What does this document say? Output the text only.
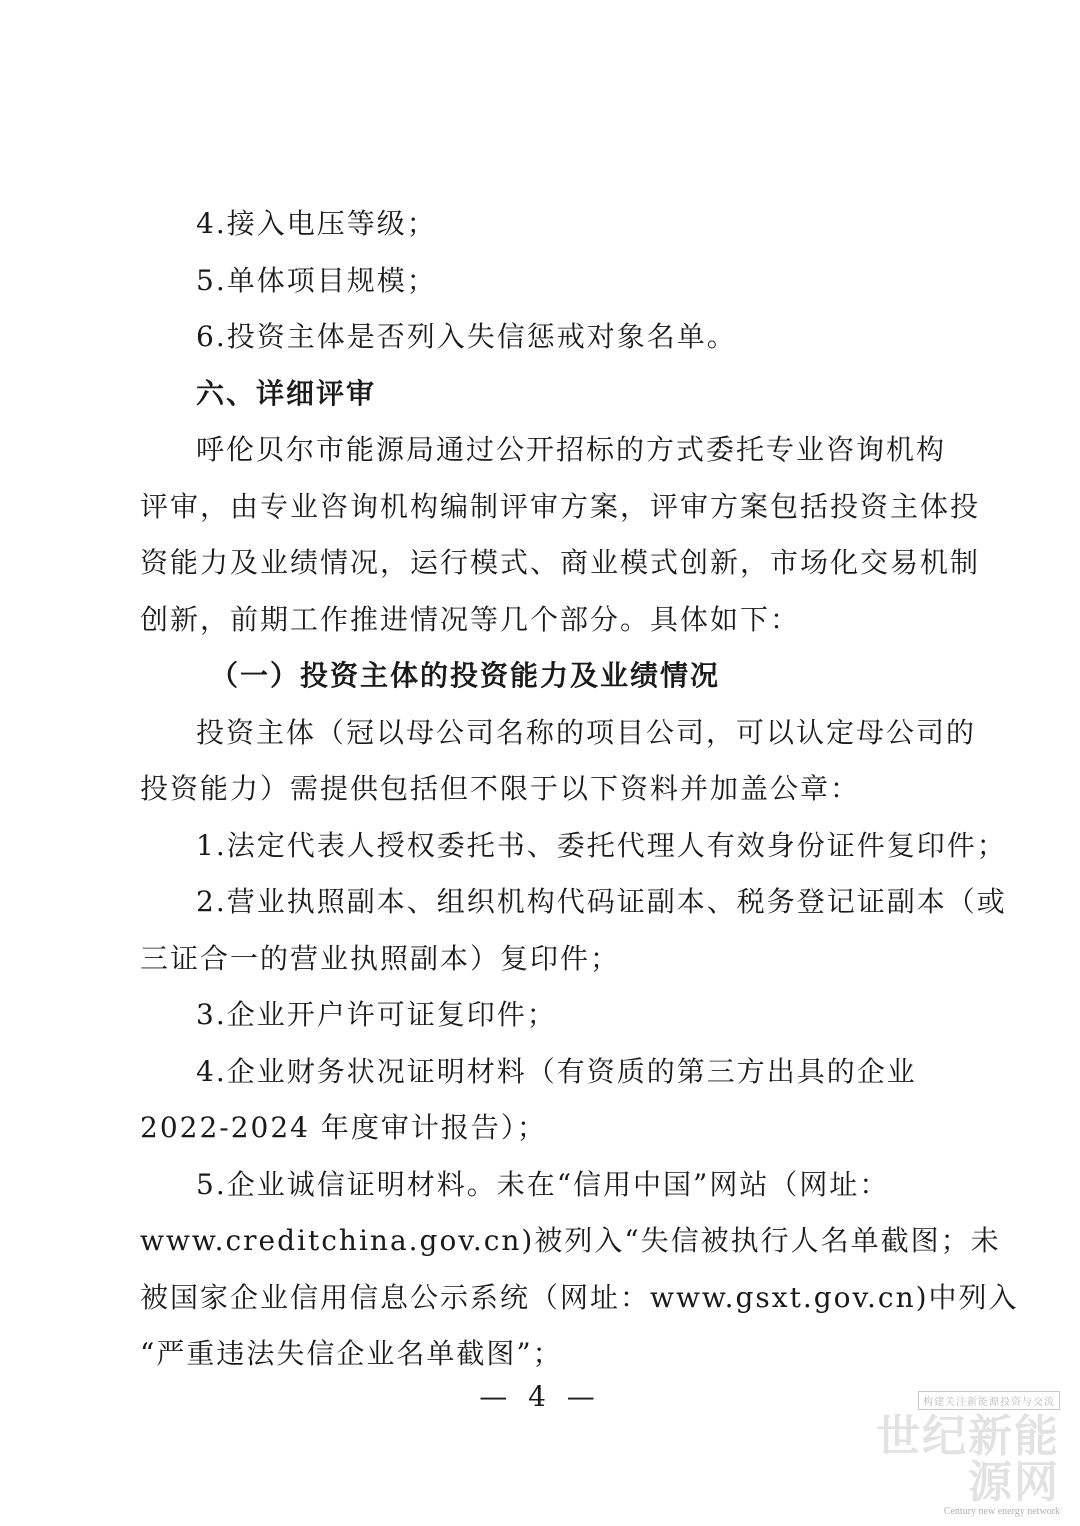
4.接入电压等级；
5.单体项目规模；
6.投资主体是否列入失信惩戒对象名单。
六、详细评审
呼伦贝尔市能源局通过公开招标的方式委托专业咨询机构
评审，由专业咨询机构编制评审方案，评审方案包括投资主体投
资能力及业绩情况，运行模式、商业模式创新，市场化交易机制
创新，前期工作推进情况等几个部分。具体如下：
（一）投资主体的投资能力及业绩情况
投资主体（冠以母公司名称的项目公司，可以认定母公司的
投资能力）需提供包括但不限于以下资料并加盖公章：
1.法定代表人授权委托书、委托代理人有效身份证件复印件；
2.营业执照副本、组织机构代码证副本、税务登记证副本（或
三证合一的营业执照副本）复印件；
3.企业开户许可证复印件；
4.企业财务状况证明材料（有资质的第三方出具的企业
2022-2024 年度审计报告）；
5.企业诚信证明材料。未在“信用中国”网站（网址：
www.creditchina.gov.cn)被列入“失信被执行人名单截图；未
被国家企业信用信息公示系统（网址：www.gsxt.gov.cn)中列入
“严重违法失信企业名单截图”；
— 4 —	构建关注新能源投资与交流
世纪新能源网
Century new energy network
